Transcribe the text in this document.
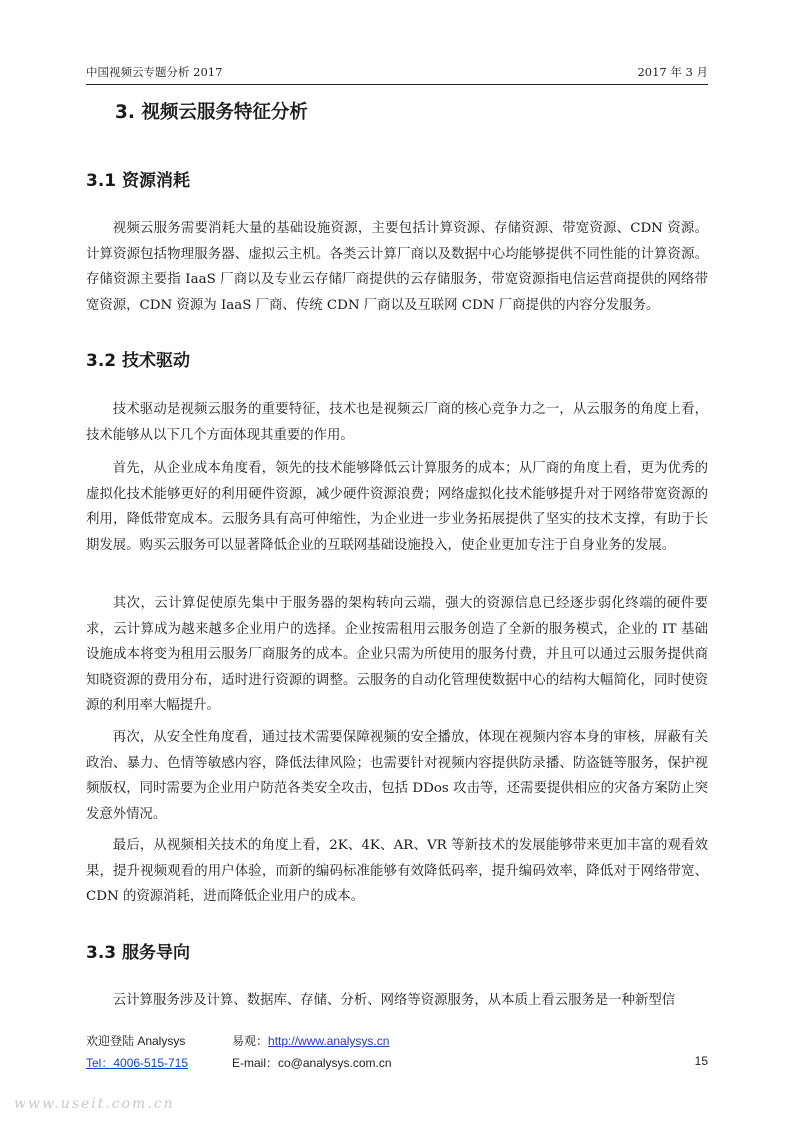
中国视频云专题分析 2017	2017 年 3 月
3. 视频云服务特征分析
3.1 资源消耗

视频云服务需要消耗大量的基础设施资源，主要包括计算资源、存储资源、带宽资源、CDN 资源。计算资源包括物理服务器、虚拟云主机。各类云计算厂商以及数据中心均能够提供不同性能的计算资源。存储资源主要指 IaaS 厂商以及专业云存储厂商提供的云存储服务，带宽资源指电信运营商提供的网络带宽资源，CDN 资源为 IaaS 厂商、传统 CDN 厂商以及互联网 CDN 厂商提供的内容分发服务。

3.2 技术驱动

技术驱动是视频云服务的重要特征，技术也是视频云厂商的核心竞争力之一，从云服务的角度上看，技术能够从以下几个方面体现其重要的作用。

首先，从企业成本角度看，领先的技术能够降低云计算服务的成本；从厂商的角度上看，更为优秀的虚拟化技术能够更好的利用硬件资源，减少硬件资源浪费；网络虚拟化技术能够提升对于网络带宽资源的利用，降低带宽成本。云服务具有高可伸缩性，为企业进一步业务拓展提供了坚实的技术支撑，有助于长期发展。购买云服务可以显著降低企业的互联网基础设施投入，使企业更加专注于自身业务的发展。

其次，云计算促使原先集中于服务器的架构转向云端，强大的资源信息已经逐步弱化终端的硬件要求，云计算成为越来越多企业用户的选择。企业按需租用云服务创造了全新的服务模式，企业的 IT 基础设施成本将变为租用云服务厂商服务的成本。企业只需为所使用的服务付费，并且可以通过云服务提供商知晓资源的费用分布，适时进行资源的调整。云服务的自动化管理使数据中心的结构大幅简化，同时使资源的利用率大幅提升。

再次，从安全性角度看，通过技术需要保障视频的安全播放，体现在视频内容本身的审核，屏蔽有关政治、暴力、色情等敏感内容，降低法律风险；也需要针对视频内容提供防录播、防盗链等服务，保护视频版权，同时需要为企业用户防范各类安全攻击，包括 DDos 攻击等，还需要提供相应的灾备方案防止突发意外情况。

最后，从视频相关技术的角度上看，2K、4K、AR、VR 等新技术的发展能够带来更加丰富的观看效果，提升视频观看的用户体验，而新的编码标准能够有效降低码率，提升编码效率，降低对于网络带宽、CDN 的资源消耗，进而降低企业用户的成本。

3.3 服务导向

云计算服务涉及计算、数据库、存储、分析、网络等资源服务，从本质上看云服务是一种新型信

欢迎登陆 Analysys	易观：http://www.analysys.cn
Tel：4006-515-715	E-mail：co@analysys.com.cn	15
www.useit.com.cn
